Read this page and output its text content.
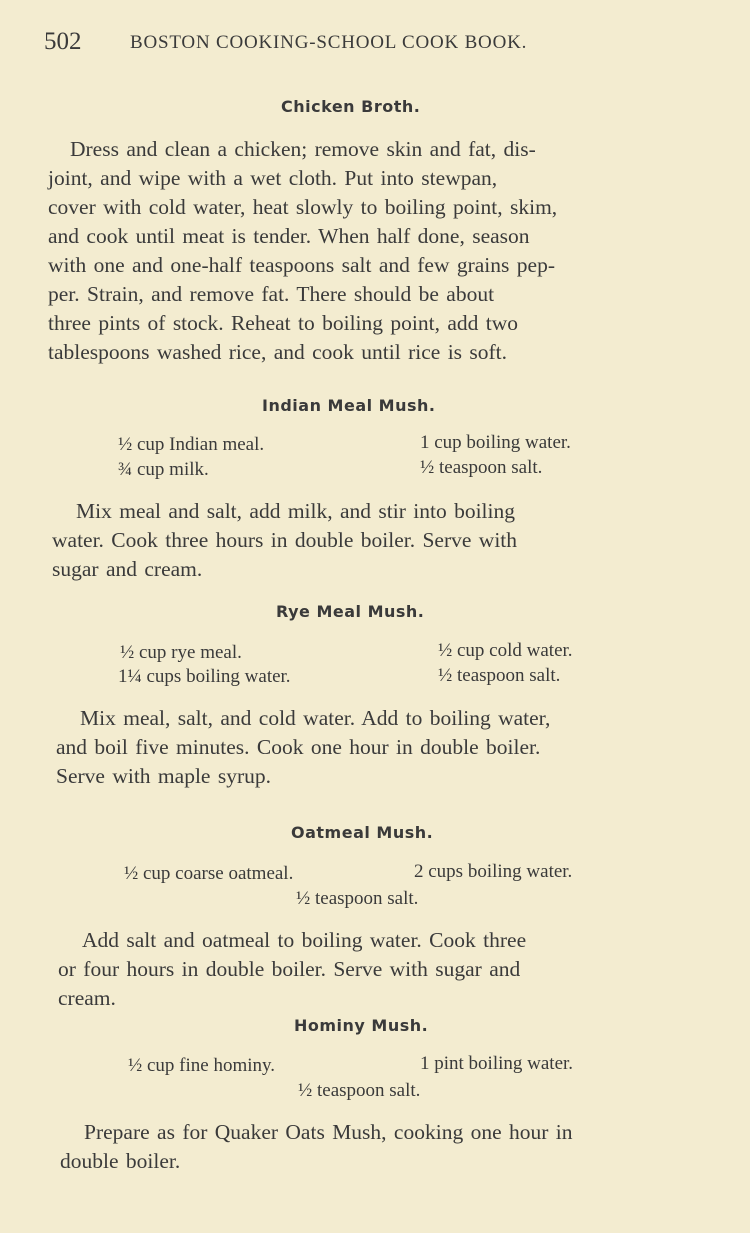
502	BOSTON COOKING-SCHOOL COOK BOOK.
Chicken Broth.
Dress and clean a chicken; remove skin and fat, dis-
joint, and wipe with a wet cloth. Put into stewpan,
cover with cold water, heat slowly to boiling point, skim,
and cook until meat is tender. When half done, season
with one and one-half teaspoons salt and few grains pep-
per. Strain, and remove fat. There should be about
three pints of stock. Reheat to boiling point, add two
tablespoons washed rice, and cook until rice is soft.
Indian Meal Mush.
½ cup Indian meal.	1 cup boiling water.
¾ cup milk.	½ teaspoon salt.
Mix meal and salt, add milk, and stir into boiling
water. Cook three hours in double boiler. Serve with
sugar and cream.
Rye Meal Mush.
½ cup rye meal.	½ cup cold water.
1¼ cups boiling water.	½ teaspoon salt.
Mix meal, salt, and cold water. Add to boiling water,
and boil five minutes. Cook one hour in double boiler.
Serve with maple syrup.
Oatmeal Mush.
½ cup coarse oatmeal.	2 cups boiling water.
½ teaspoon salt.
Add salt and oatmeal to boiling water. Cook three
or four hours in double boiler. Serve with sugar and
cream.
Hominy Mush.
½ cup fine hominy.	1 pint boiling water.
½ teaspoon salt.
Prepare as for Quaker Oats Mush, cooking one hour in
double boiler.
